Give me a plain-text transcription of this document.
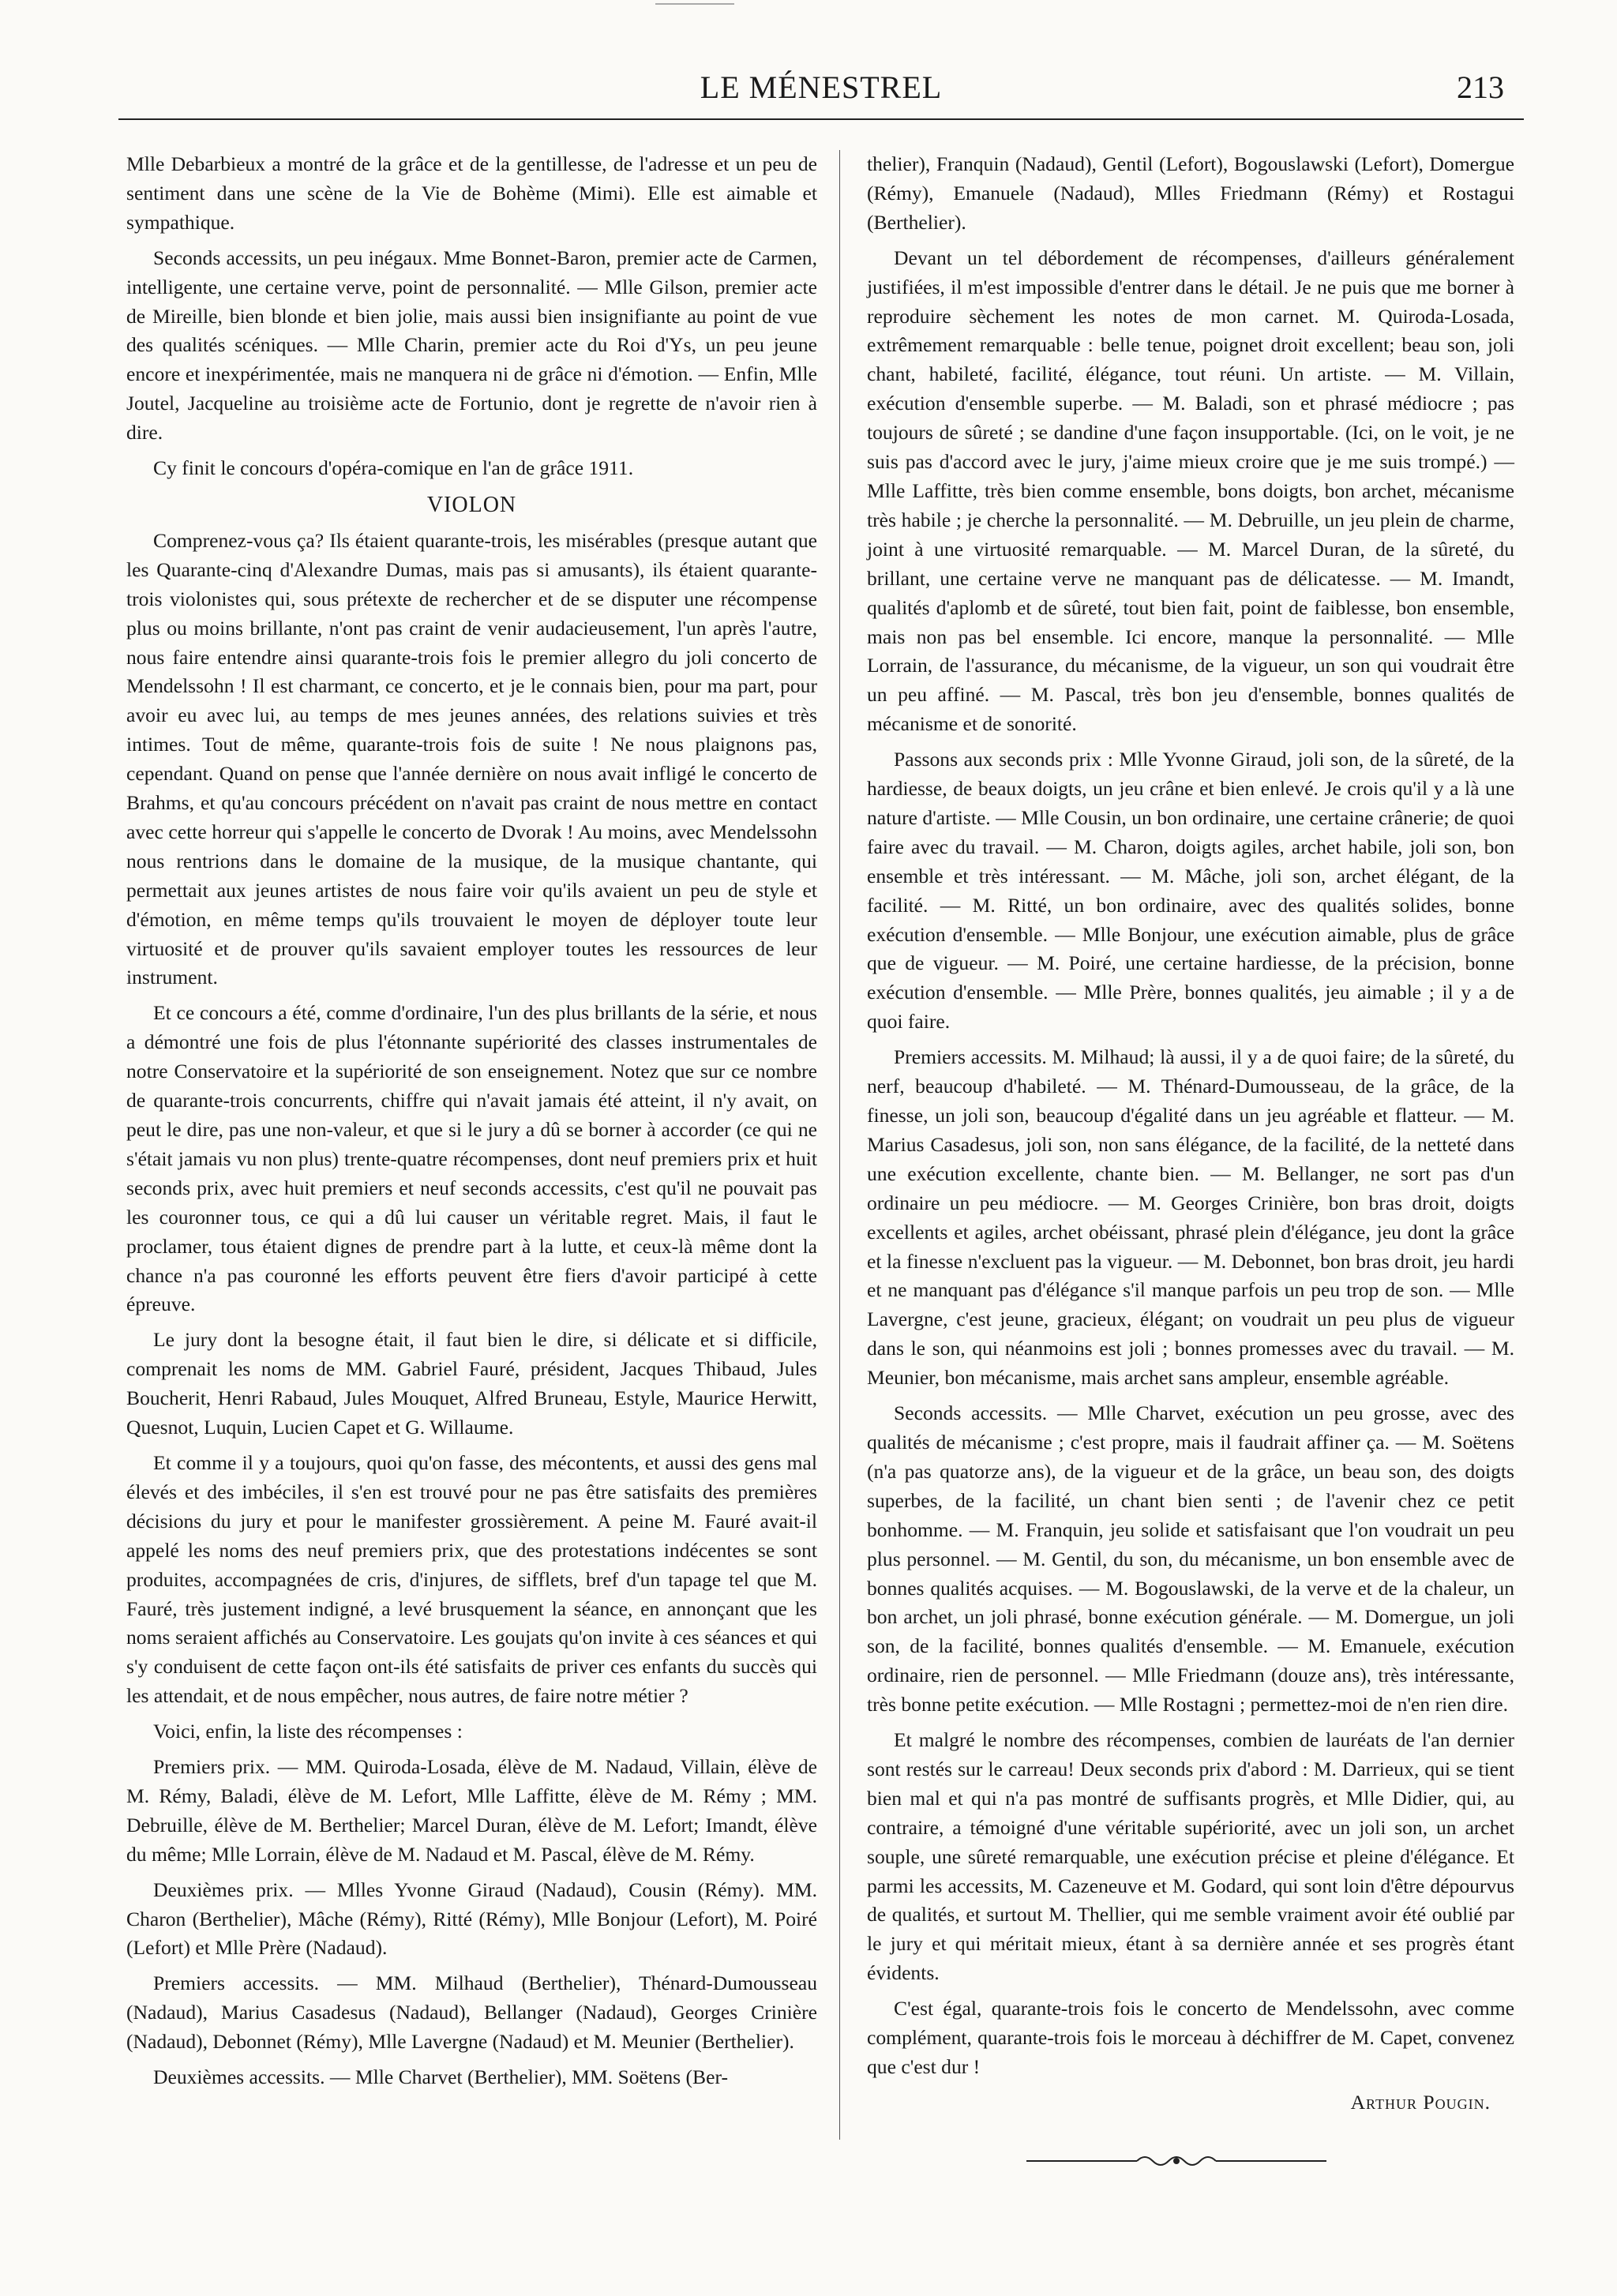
LE MÉNESTREL	213

Mlle Debarbieux a montré de la grâce et de la gentillesse, de l'adresse et un peu de sentiment dans une scène de la Vie de Bohème (Mimi). Elle est aimable et sympathique.

Seconds accessits, un peu inégaux. Mme Bonnet-Baron, premier acte de Carmen, intelligente, une certaine verve, point de personnalité. — Mlle Gilson, premier acte de Mireille, bien blonde et bien jolie, mais aussi bien insignifiante au point de vue des qualités scéniques. — Mlle Charin, premier acte du Roi d'Ys, un peu jeune encore et inexpérimentée, mais ne manquera ni de grâce ni d'émotion. — Enfin, Mlle Joutel, Jacqueline au troisième acte de Fortunio, dont je regrette de n'avoir rien à dire.

Cy finit le concours d'opéra-comique en l'an de grâce 1911.

VIOLON

Comprenez-vous ça? Ils étaient quarante-trois, les misérables (presque autant que les Quarante-cinq d'Alexandre Dumas, mais pas si amusants), ils étaient quarante-trois violonistes qui, sous prétexte de rechercher et de se disputer une récompense plus ou moins brillante, n'ont pas craint de venir audacieusement, l'un après l'autre, nous faire entendre ainsi quarante-trois fois le premier allegro du joli concerto de Mendelssohn ! Il est charmant, ce concerto, et je le connais bien, pour ma part, pour avoir eu avec lui, au temps de mes jeunes années, des relations suivies et très intimes. Tout de même, quarante-trois fois de suite ! Ne nous plaignons pas, cependant. Quand on pense que l'année dernière on nous avait infligé le concerto de Brahms, et qu'au concours précédent on n'avait pas craint de nous mettre en contact avec cette horreur qui s'appelle le concerto de Dvorak ! Au moins, avec Mendelssohn nous rentrions dans le domaine de la musique, de la musique chantante, qui permettait aux jeunes artistes de nous faire voir qu'ils avaient un peu de style et d'émotion, en même temps qu'ils trouvaient le moyen de déployer toute leur virtuosité et de prouver qu'ils savaient employer toutes les ressources de leur instrument.

Et ce concours a été, comme d'ordinaire, l'un des plus brillants de la série, et nous a démontré une fois de plus l'étonnante supériorité des classes instrumentales de notre Conservatoire et la supériorité de son enseignement. Notez que sur ce nombre de quarante-trois concurrents, chiffre qui n'avait jamais été atteint, il n'y avait, on peut le dire, pas une non-valeur, et que si le jury a dû se borner à accorder (ce qui ne s'était jamais vu non plus) trente-quatre récompenses, dont neuf premiers prix et huit seconds prix, avec huit premiers et neuf seconds accessits, c'est qu'il ne pouvait pas les couronner tous, ce qui a dû lui causer un véritable regret. Mais, il faut le proclamer, tous étaient dignes de prendre part à la lutte, et ceux-là même dont la chance n'a pas couronné les efforts peuvent être fiers d'avoir participé à cette épreuve.

Le jury dont la besogne était, il faut bien le dire, si délicate et si difficile, comprenait les noms de MM. Gabriel Fauré, président, Jacques Thibaud, Jules Boucherit, Henri Rabaud, Jules Mouquet, Alfred Bruneau, Estyle, Maurice Herwitt, Quesnot, Luquin, Lucien Capet et G. Willaume.

Et comme il y a toujours, quoi qu'on fasse, des mécontents, et aussi des gens mal élevés et des imbéciles, il s'en est trouvé pour ne pas être satisfaits des premières décisions du jury et pour le manifester grossièrement. A peine M. Fauré avait-il appelé les noms des neuf premiers prix, que des protestations indécentes se sont produites, accompagnées de cris, d'injures, de sifflets, bref d'un tapage tel que M. Fauré, très justement indigné, a levé brusquement la séance, en annonçant que les noms seraient affichés au Conservatoire. Les goujats qu'on invite à ces séances et qui s'y conduisent de cette façon ont-ils été satisfaits de priver ces enfants du succès qui les attendait, et de nous empêcher, nous autres, de faire notre métier ?

Voici, enfin, la liste des récompenses :

Premiers prix. — MM. Quiroda-Losada, élève de M. Nadaud, Villain, élève de M. Rémy, Baladi, élève de M. Lefort, Mlle Laffitte, élève de M. Rémy ; MM. Debruille, élève de M. Berthelier; Marcel Duran, élève de M. Lefort; Imandt, élève du même; Mlle Lorrain, élève de M. Nadaud et M. Pascal, élève de M. Rémy.

Deuxièmes prix. — Mlles Yvonne Giraud (Nadaud), Cousin (Rémy). MM. Charon (Berthelier), Mâche (Rémy), Ritté (Rémy), Mlle Bonjour (Lefort), M. Poiré (Lefort) et Mlle Prère (Nadaud).

Premiers accessits. — MM. Milhaud (Berthelier), Thénard-Dumousseau (Nadaud), Marius Casadesus (Nadaud), Bellanger (Nadaud), Georges Crinière (Nadaud), Debonnet (Rémy), Mlle Lavergne (Nadaud) et M. Meunier (Berthelier).

Deuxièmes accessits. — Mlle Charvet (Berthelier), MM. Soëtens (Ber-

thelier), Franquin (Nadaud), Gentil (Lefort), Bogouslawski (Lefort), Domergue (Rémy), Emanuele (Nadaud), Mlles Friedmann (Rémy) et Rostagui (Berthelier).

Devant un tel débordement de récompenses, d'ailleurs généralement justifiées, il m'est impossible d'entrer dans le détail. Je ne puis que me borner à reproduire sèchement les notes de mon carnet. M. Quiroda-Losada, extrêmement remarquable : belle tenue, poignet droit excellent; beau son, joli chant, habileté, facilité, élégance, tout réuni. Un artiste. — M. Villain, exécution d'ensemble superbe. — M. Baladi, son et phrasé médiocre ; pas toujours de sûreté ; se dandine d'une façon insupportable. (Ici, on le voit, je ne suis pas d'accord avec le jury, j'aime mieux croire que je me suis trompé.) — Mlle Laffitte, très bien comme ensemble, bons doigts, bon archet, mécanisme très habile ; je cherche la personnalité. — M. Debruille, un jeu plein de charme, joint à une virtuosité remarquable. — M. Marcel Duran, de la sûreté, du brillant, une certaine verve ne manquant pas de délicatesse. — M. Imandt, qualités d'aplomb et de sûreté, tout bien fait, point de faiblesse, bon ensemble, mais non pas bel ensemble. Ici encore, manque la personnalité. — Mlle Lorrain, de l'assurance, du mécanisme, de la vigueur, un son qui voudrait être un peu affiné. — M. Pascal, très bon jeu d'ensemble, bonnes qualités de mécanisme et de sonorité.

Passons aux seconds prix : Mlle Yvonne Giraud, joli son, de la sûreté, de la hardiesse, de beaux doigts, un jeu crâne et bien enlevé. Je crois qu'il y a là une nature d'artiste. — Mlle Cousin, un bon ordinaire, une certaine crânerie; de quoi faire avec du travail. — M. Charon, doigts agiles, archet habile, joli son, bon ensemble et très intéressant. — M. Mâche, joli son, archet élégant, de la facilité. — M. Ritté, un bon ordinaire, avec des qualités solides, bonne exécution d'ensemble. — Mlle Bonjour, une exécution aimable, plus de grâce que de vigueur. — M. Poiré, une certaine hardiesse, de la précision, bonne exécution d'ensemble. — Mlle Prère, bonnes qualités, jeu aimable ; il y a de quoi faire.

Premiers accessits. M. Milhaud; là aussi, il y a de quoi faire; de la sûreté, du nerf, beaucoup d'habileté. — M. Thénard-Dumousseau, de la grâce, de la finesse, un joli son, beaucoup d'égalité dans un jeu agréable et flatteur. — M. Marius Casadesus, joli son, non sans élégance, de la facilité, de la netteté dans une exécution excellente, chante bien. — M. Bellanger, ne sort pas d'un ordinaire un peu médiocre. — M. Georges Crinière, bon bras droit, doigts excellents et agiles, archet obéissant, phrasé plein d'élégance, jeu dont la grâce et la finesse n'excluent pas la vigueur. — M. Debonnet, bon bras droit, jeu hardi et ne manquant pas d'élégance s'il manque parfois un peu trop de son. — Mlle Lavergne, c'est jeune, gracieux, élégant; on voudrait un peu plus de vigueur dans le son, qui néanmoins est joli ; bonnes promesses avec du travail. — M. Meunier, bon mécanisme, mais archet sans ampleur, ensemble agréable.

Seconds accessits. — Mlle Charvet, exécution un peu grosse, avec des qualités de mécanisme ; c'est propre, mais il faudrait affiner ça. — M. Soëtens (n'a pas quatorze ans), de la vigueur et de la grâce, un beau son, des doigts superbes, de la facilité, un chant bien senti ; de l'avenir chez ce petit bonhomme. — M. Franquin, jeu solide et satisfaisant que l'on voudrait un peu plus personnel. — M. Gentil, du son, du mécanisme, un bon ensemble avec de bonnes qualités acquises. — M. Bogouslawski, de la verve et de la chaleur, un bon archet, un joli phrasé, bonne exécution générale. — M. Domergue, un joli son, de la facilité, bonnes qualités d'ensemble. — M. Emanuele, exécution ordinaire, rien de personnel. — Mlle Friedmann (douze ans), très intéressante, très bonne petite exécution. — Mlle Rostagni ; permettez-moi de n'en rien dire.

Et malgré le nombre des récompenses, combien de lauréats de l'an dernier sont restés sur le carreau! Deux seconds prix d'abord : M. Darrieux, qui se tient bien mal et qui n'a pas montré de suffisants progrès, et Mlle Didier, qui, au contraire, a témoigné d'une véritable supériorité, avec un joli son, un archet souple, une sûreté remarquable, une exécution précise et pleine d'élégance. Et parmi les accessits, M. Cazeneuve et M. Godard, qui sont loin d'être dépourvus de qualités, et surtout M. Thellier, qui me semble vraiment avoir été oublié par le jury et qui méritait mieux, étant à sa dernière année et ses progrès étant évidents.

C'est égal, quarante-trois fois le concerto de Mendelssohn, avec comme complément, quarante-trois fois le morceau à déchiffrer de M. Capet, convenez que c'est dur !

Arthur Pougin.
